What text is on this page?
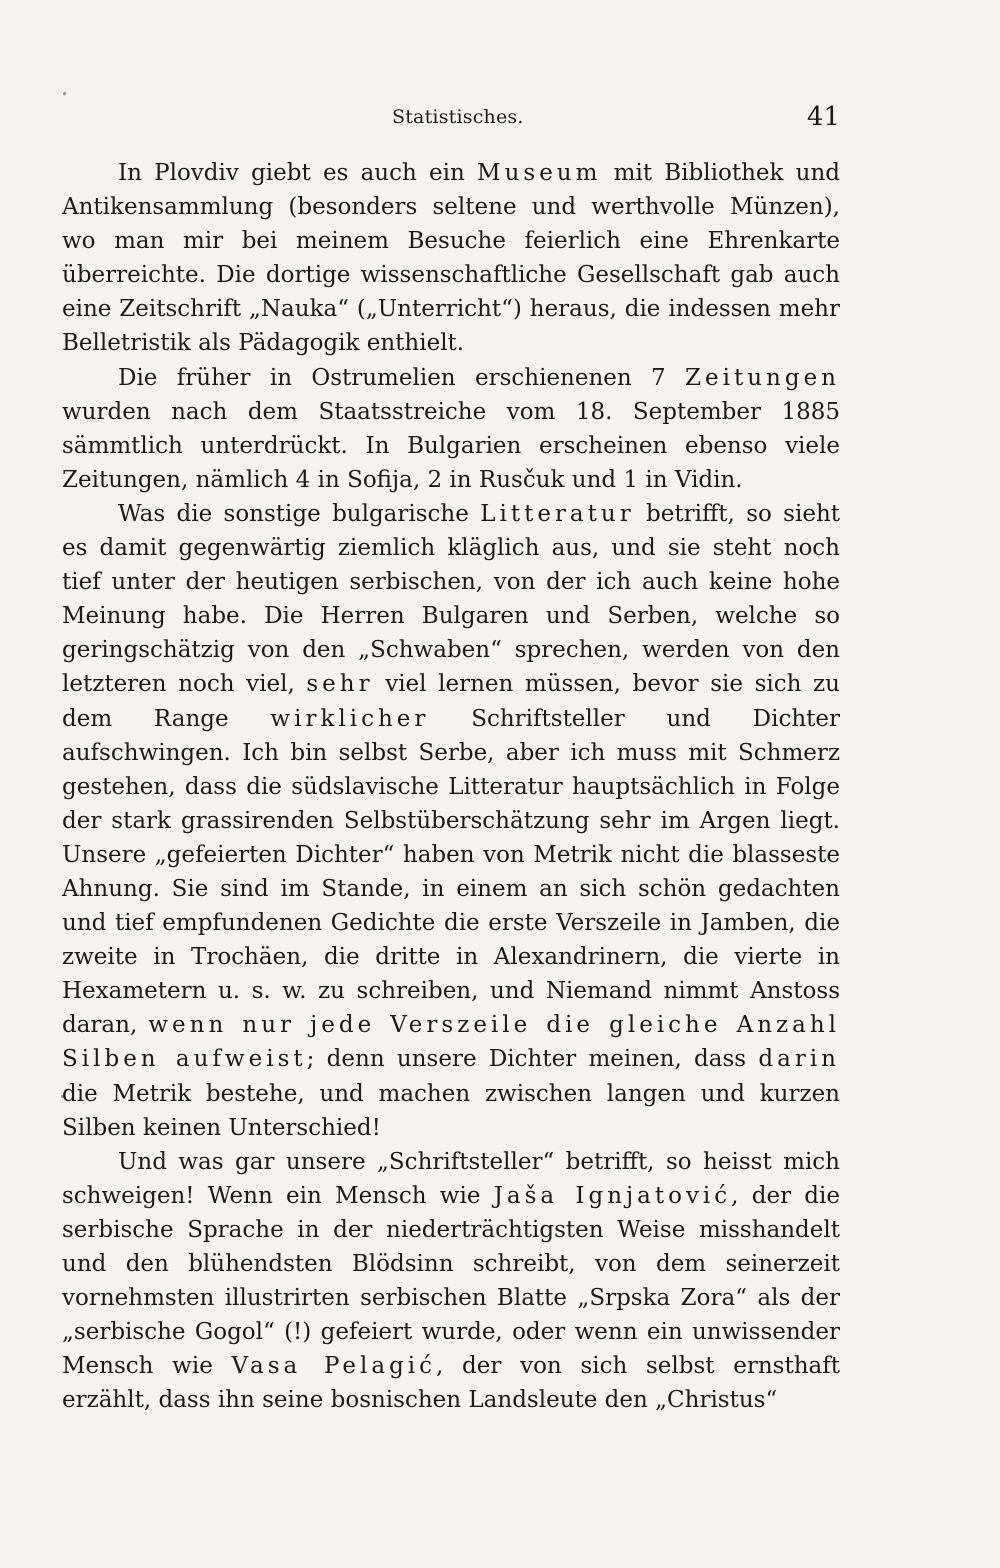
Statistisches.	41

In Plovdiv giebt es auch ein Museum mit Bibliothek und Antikensammlung (besonders seltene und werthvolle Münzen), wo man mir bei meinem Besuche feierlich eine Ehrenkarte überreichte. Die dortige wissenschaftliche Gesellschaft gab auch eine Zeitschrift „Nauka“ („Unterricht“) heraus, die indessen mehr Belletristik als Pädagogik enthielt.

Die früher in Ostrumelien erschienenen 7 Zeitungen wurden nach dem Staatsstreiche vom 18. September 1885 sämmtlich unterdrückt. In Bulgarien erscheinen ebenso viele Zeitungen, nämlich 4 in Sofija, 2 in Rusčuk und 1 in Vidin.

Was die sonstige bulgarische Litteratur betrifft, so sieht es damit gegenwärtig ziemlich kläglich aus, und sie steht noch tief unter der heutigen serbischen, von der ich auch keine hohe Meinung habe. Die Herren Bulgaren und Serben, welche so geringschätzig von den „Schwaben“ sprechen, werden von den letzteren noch viel, sehr viel lernen müssen, bevor sie sich zu dem Range wirklicher Schriftsteller und Dichter aufschwingen. Ich bin selbst Serbe, aber ich muss mit Schmerz gestehen, dass die südslavische Litteratur hauptsächlich in Folge der stark grassirenden Selbstüberschätzung sehr im Argen liegt. Unsere „gefeierten Dichter“ haben von Metrik nicht die blasseste Ahnung. Sie sind im Stande, in einem an sich schön gedachten und tief empfundenen Gedichte die erste Verszeile in Jamben, die zweite in Trochäen, die dritte in Alexandrinern, die vierte in Hexametern u. s. w. zu schreiben, und Niemand nimmt Anstoss daran, wenn nur jede Verszeile die gleiche Anzahl Silben aufweist; denn unsere Dichter meinen, dass darin die Metrik bestehe, und machen zwischen langen und kurzen Silben keinen Unterschied!

Und was gar unsere „Schriftsteller“ betrifft, so heisst mich schweigen! Wenn ein Mensch wie Jaša Ignjatović, der die serbische Sprache in der niederträchtigsten Weise misshandelt und den blühendsten Blödsinn schreibt, von dem seinerzeit vornehmsten illustrirten serbischen Blatte „Srpska Zora“ als der „serbische Gogol“ (!) gefeiert wurde, oder wenn ein unwissender Mensch wie Vasa Pelagić, der von sich selbst ernsthaft erzählt, dass ihn seine bosnischen Landsleute den „Christus“
